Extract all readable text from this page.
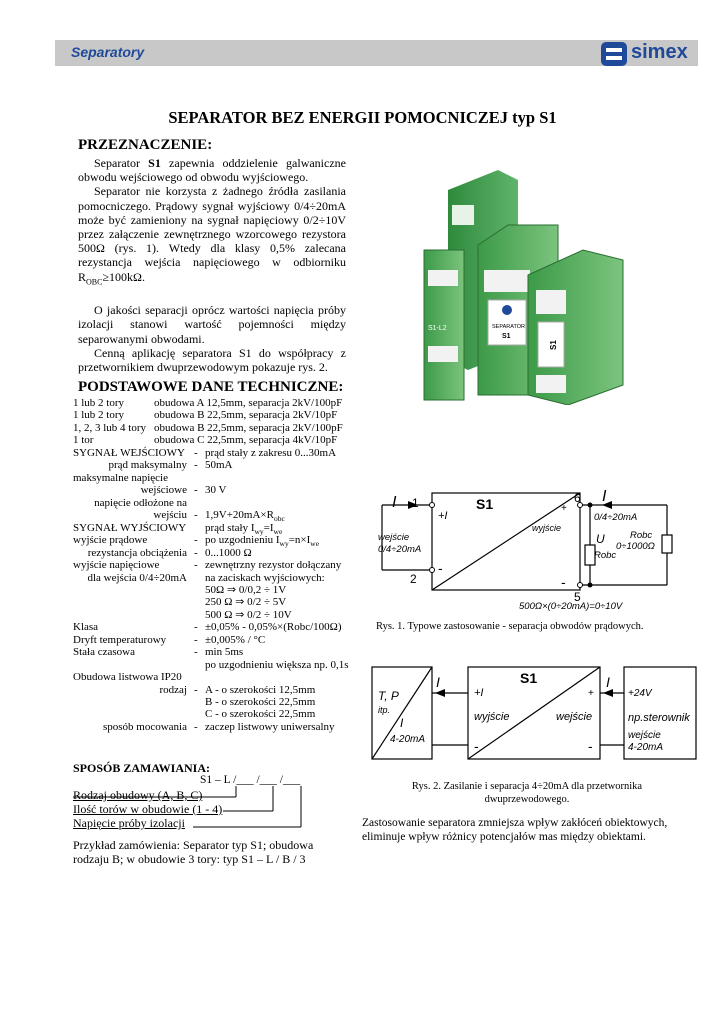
Separatory	simex
SEPARATOR BEZ ENERGII POMOCNICZEJ typ S1
PRZEZNACZENIE:
Separator S1 zapewnia oddzielenie galwaniczne obwodu wejściowego od obwodu wyjściowego.
Separator nie korzysta z żadnego źródła zasilania pomocniczego. Prądowy sygnał wyjściowy 0/4÷20mA może być zamieniony na sygnał napięciowy 0/2÷10V przez załączenie zewnętrznego wzorcowego rezystora 500Ω (rys. 1). Wtedy dla klasy 0,5% zalecana rezystancja wejścia napięciowego w odbiorniku $R_{OBC}\ge 100k\Omega$.
O jakości separacji oprócz wartości napięcia próby izolacji stanowi wartość pojemności między separowanymi obwodami.
Cenną aplikację separatora S1 do współpracy z przetwornikiem dwuprzewodowym pokazuje rys. 2.
S1-L2	SEPARATOR
S1
S1
PODSTAWOWE DANE TECHNICZNE:
1 lub 2 tory	obudowa A 12,5mm, separacja 2kV/100pF
1 lub 2 tory	obudowa B 22,5mm, separacja 2kV/10pF
1, 2, 3 lub 4 tory obudowa B 22,5mm, separacja 2kV/100pF
1 tor	obudowa C 22,5mm, separacja 4kV/10pF
SYGNAŁ WEJŚCIOWY - prąd stały z zakresu 0...30mA
prąd maksymalny - 50mA
maksymalne napięcie
wejściowe - 30 V
napięcie odłożone na
wejściu - $1,9V+20mA\times R_{obc}$
SYGNAŁ WYJŚCIOWY prąd stały $I_{wy}=I_{we}$
wyjście prądowe	- po uzgodnieniu $I_{wy}=n\times I_{we}$
rezystancja obciążenia - 0...1000 Ω
wyjście napięciowe	- zewnętrzny rezystor dołączany
dla wejścia 0/4÷20mA na zaciskach wyjściowych:
50Ω ⇒ 0/0,2 ÷ 1V
250 Ω ⇒ 0/2 ÷ 5V
500 Ω ⇒ 0/2 ÷ 10V
Klasa	- ±0,05% - 0,05%×(Robc/100Ω)
Dryft temperaturowy	- ±0,005% / °C
Stała czasowa	- min 5ms
po uzgodnieniu większa np. 0,1s
Obudowa listwowa IP20
rodzaj - A - o szerokości 12,5mm
B - o szerokości 22,5mm
C - o szerokości 22,5mm
sposób mocowania - zaczep listwowy uniwersalny
SPOSÓB ZAMAWIANIA:
S1 – L /___ /___ /___
Rodzaj obudowy (A, B, C)
Ilość torów w obudowie (1 - 4)
Napięcie próby izolacji
Przykład zamówienia: Separator typ S1; obudowa rodzaju B; w obudowie 3 tory: typ S1 – L / B / 3
I 1
2
6
5
S1
+I
-
+
-
wyjście
wejście
0/4÷20mA
0/4÷20mA
U
Robc
Robc
0÷1000Ω
500Ω×(0÷20mA)=0÷10V
I
Rys. 1. Typowe zastosowanie - separacja obwodów prądowych.
T, P
itp.
I
4-20mA
I	S1
+I
wyjście	wejście
-
+
-
I
+24V
np.sterownik
wejście
4-20mA
Rys. 2. Zasilanie i separacja 4÷20mA dla przetwornika
dwuprzewodowego.
Zastosowanie separatora zmniejsza wpływ zakłóceń obiektowych, eliminuje wpływ różnicy potencjałów mas między obiektami.
